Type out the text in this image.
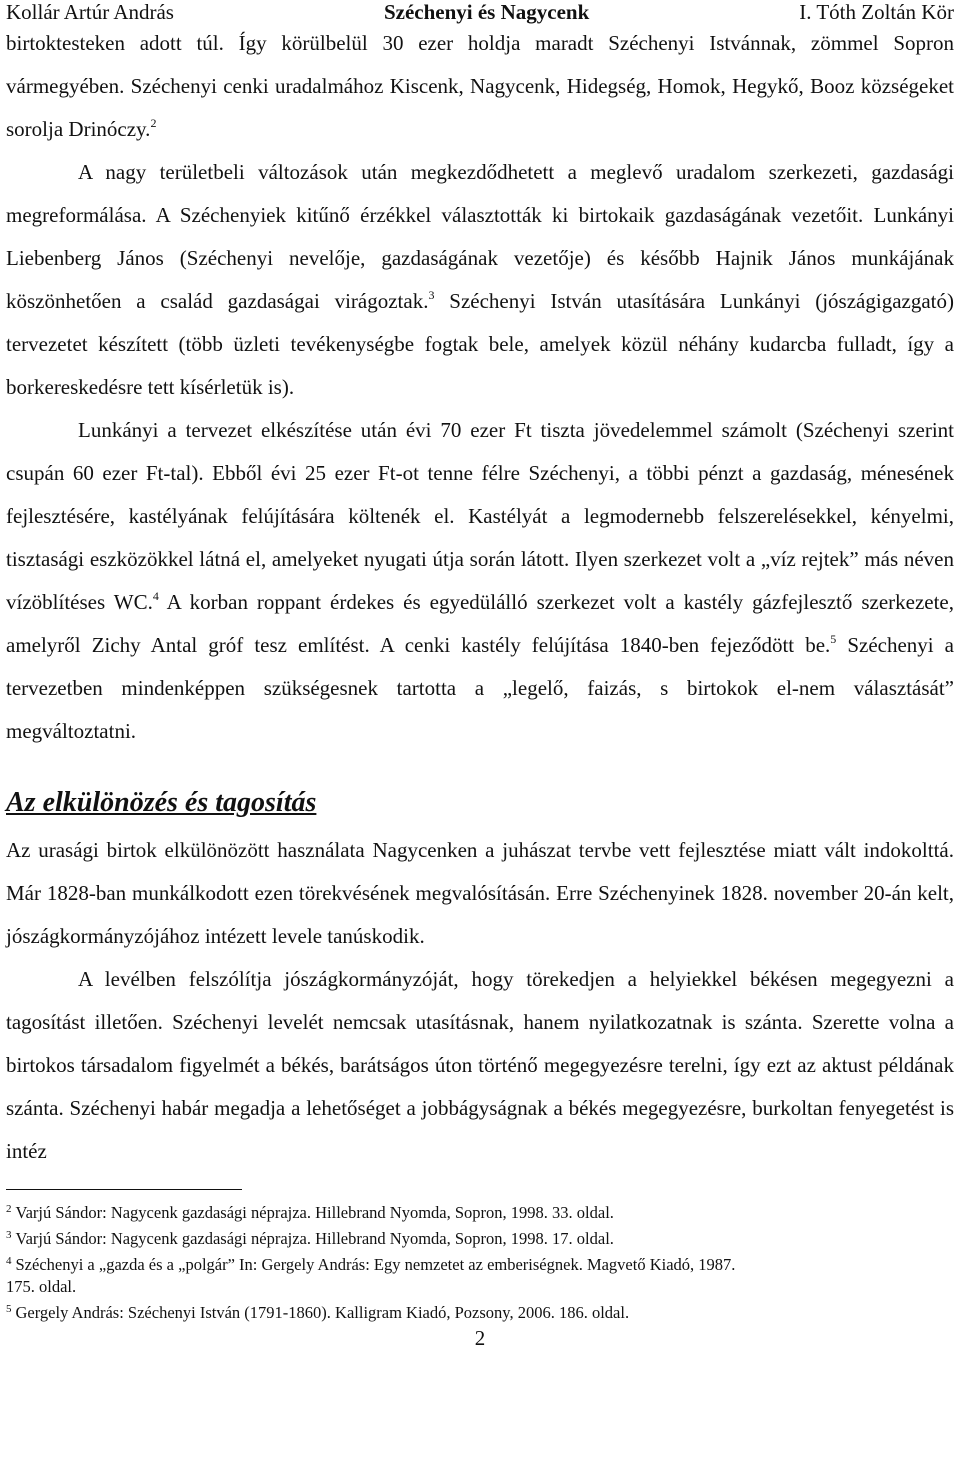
Kollár Artúr András	Széchenyi és Nagycenk	I. Tóth Zoltán Kör

birtoktesteken adott túl. Így körülbelül 30 ezer holdja maradt Széchenyi Istvánnak, zömmel Sopron vármegyében. Széchenyi cenki uradalmához Kiscenk, Nagycenk, Hidegség, Homok, Hegykő, Booz községeket sorolja Drinóczy.$^2$

A nagy területbeli változások után megkezdődhetett a meglevő uradalom szerkezeti, gazdasági megreformálása. A Széchenyiek kitűnő érzékkel választották ki birtokaik gazdaságának vezetőit. Lunkányi Liebenberg János (Széchenyi nevelője, gazdaságának vezetője) és később Hajnik János munkájának köszönhetően a család gazdaságai virágoztak.$^3$ Széchenyi István utasítására Lunkányi (jószágigazgató) tervezetet készített (több üzleti tevékenységbe fogtak bele, amelyek közül néhány kudarcba fulladt, így a borkereskedésre tett kísérletük is).

Lunkányi a tervezet elkészítése után évi 70 ezer Ft tiszta jövedelemmel számolt (Széchenyi szerint csupán 60 ezer Ft-tal). Ebből évi 25 ezer Ft-ot tenne félre Széchenyi, a többi pénzt a gazdaság, ménesének fejlesztésére, kastélyának felújítására költenék el. Kastélyát a legmodernebb felszerelésekkel, kényelmi, tisztasági eszközökkel látná el, amelyeket nyugati útja során látott. Ilyen szerkezet volt a „víz rejtek” más néven vízöblítéses WC.$^4$ A korban roppant érdekes és egyedülálló szerkezet volt a kastély gázfejlesztő szerkezete, amelyről Zichy Antal gróf tesz említést. A cenki kastély felújítása 1840-ben fejeződött be.$^5$ Széchenyi a tervezetben mindenképpen szükségesnek tartotta a „legelő, faizás, s birtokok el-nem választását” megváltoztatni.

Az elkülönözés és tagosítás

Az urasági birtok elkülönözött használata Nagycenken a juhászat tervbe vett fejlesztése miatt vált indokolttá. Már 1828-ban munkálkodott ezen törekvésének megvalósításán. Erre Széchenyinek 1828. november 20-án kelt, jószágkormányzójához intézett levele tanúskodik.

A levélben felszólítja jószágkormányzóját, hogy törekedjen a helyiekkel békésen megegyezni a tagosítást illetően. Széchenyi levelét nemcsak utasításnak, hanem nyilatkozatnak is szánta. Szerette volna a birtokos társadalom figyelmét a békés, barátságos úton történő megegyezésre terelni, így ezt az aktust példának szánta. Széchenyi habár megadja a lehetőséget a jobbágyságnak a békés megegyezésre, burkoltan fenyegetést is intéz

$^2$ Varjú Sándor: Nagycenk gazdasági néprajza. Hillebrand Nyomda, Sopron, 1998. 33. oldal.
$^3$ Varjú Sándor: Nagycenk gazdasági néprajza. Hillebrand Nyomda, Sopron, 1998. 17. oldal.
$^4$ Széchenyi a „gazda és a „polgár” In: Gergely András: Egy nemzetet az emberiségnek. Magvető Kiadó, 1987.
175. oldal.
$^5$ Gergely András: Széchenyi István (1791-1860). Kalligram Kiadó, Pozsony, 2006. 186. oldal.
2
